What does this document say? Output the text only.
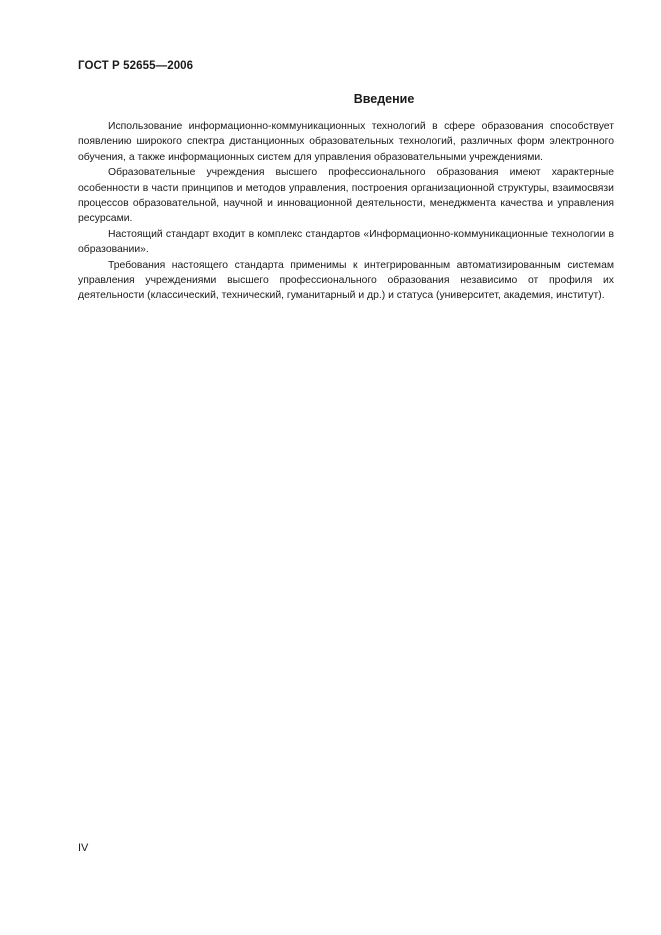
ГОСТ Р 52655—2006
Введение

Использование информационно-коммуникационных технологий в сфере образования способствует появлению широкого спектра дистанционных образовательных технологий, различных форм электронного обучения, а также информационных систем для управления образовательными учреждениями.

Образовательные учреждения высшего профессионального образования имеют характерные особенности в части принципов и методов управления, построения организационной структуры, взаимосвязи процессов образовательной, научной и инновационной деятельности, менеджмента качества и управления ресурсами.

Настоящий стандарт входит в комплекс стандартов «Информационно-коммуникационные технологии в образовании».

Требования настоящего стандарта применимы к интегрированным автоматизированным системам управления учреждениями высшего профессионального образования независимо от профиля их деятельности (классический, технический, гуманитарный и др.) и статуса (университет, академия, институт).

IV
